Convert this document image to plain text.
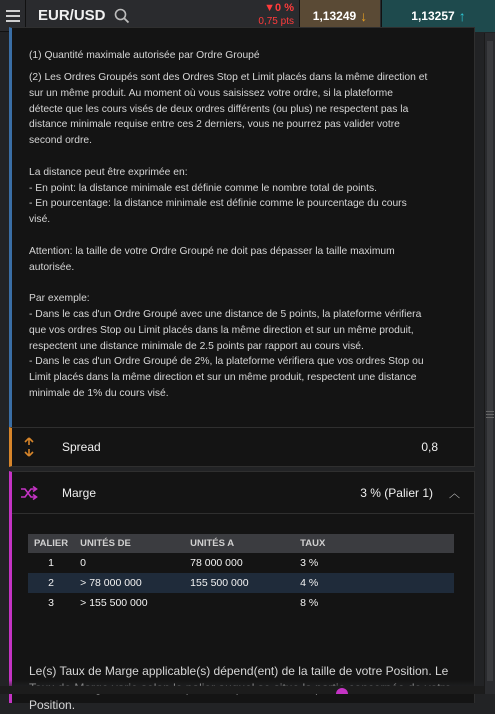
EUR/USD	▼0 %
0,75 pts 1,13249 ↓	1,13257 ↑

(1) Quantité maximale autorisée par Ordre Groupé

(2) Les Ordres Groupés sont des Ordres Stop et Limit placés dans la même direction et
sur un même produit. Au moment où vous saisissez votre ordre, si la plateforme
détecte que les cours visés de deux ordres différents (ou plus) ne respectent pas la
distance minimale requise entre ces 2 derniers, vous ne pourrez pas valider votre
second ordre.

La distance peut être exprimée en:
- En point: la distance minimale est définie comme le nombre total de points.
- En pourcentage: la distance minimale est définie comme le pourcentage du cours
visé.

Attention: la taille de votre Ordre Groupé ne doit pas dépasser la taille maximum
autorisée.

Par exemple:
- Dans le cas d'un Ordre Groupé avec une distance de 5 points, la plateforme vérifiera
que vos ordres Stop ou Limit placés dans la même direction et sur un même produit,
respectent une distance minimale de 2.5 points par rapport au cours visé.
- Dans le cas d'un Ordre Groupé de 2%, la plateforme vérifiera que vos ordres Stop ou
Limit placés dans la même direction et sur un même produit, respectent une distance
minimale de 1% du cours visé.

Spread	0,8
Marge	3 % (Palier 1) ︿
PALIER	UNITÉS DE	UNITÉS A	TAUX
1	0	78 000 000	3 %
2	> 78 000 000	155 500 000	4 %
3	> 155 500 000		8 %
Le(s) Taux de Marge applicable(s) dépend(ent) de la taille de votre Position. Le Position.
